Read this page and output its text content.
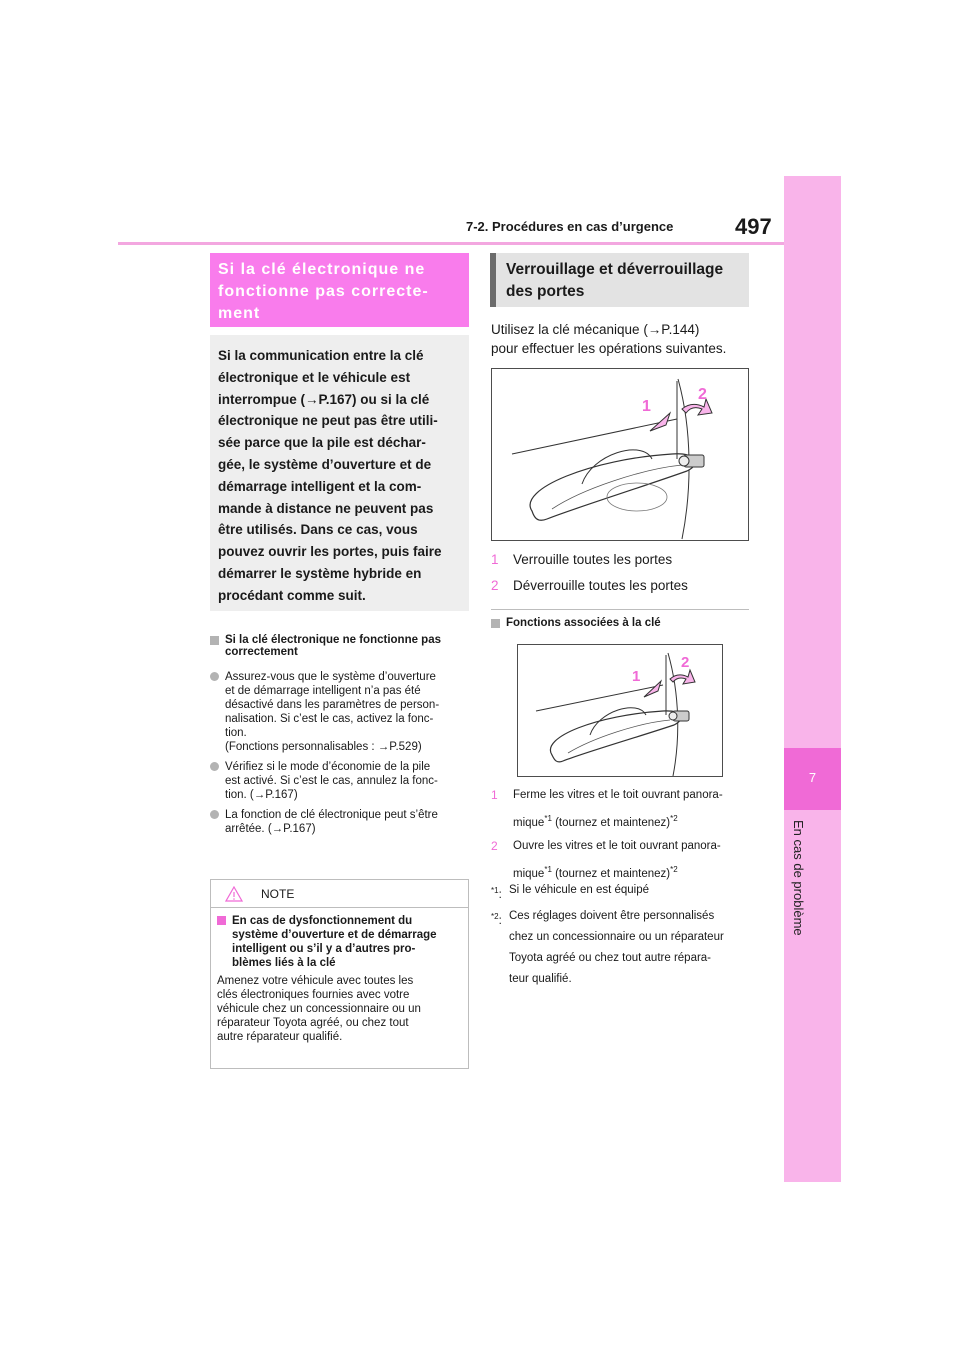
7-2. Procédures en cas d’urgence	497
7
En cas de problème
Si la clé électronique ne
fonctionne pas correcte-
ment
Si la communication entre la clé
électronique et le véhicule est
interrompue (→P.167) ou si la clé
électronique ne peut pas être utili-
sée parce que la pile est déchar-
gée, le système d’ouverture et de
démarrage intelligent et la com-
mande à distance ne peuvent pas
être utilisés. Dans ce cas, vous
pouvez ouvrir les portes, puis faire
démarrer le système hybride en
procédant comme suit.
Si la clé électronique ne fonctionne pas
correctement
Assurez-vous que le système d’ouverture
et de démarrage intelligent n’a pas été
désactivé dans les paramètres de person-
nalisation. Si c’est le cas, activez la fonc-
tion.
(Fonctions personnalisables : →P.529)
Vérifiez si le mode d’économie de la pile
est activé. Si c’est le cas, annulez la fonc-
tion. (→P.167)
La fonction de clé électronique peut s’être
arrêtée. (→P.167)
NOTE
En cas de dysfonctionnement du
système d’ouverture et de démarrage
intelligent ou s’il y a d’autres pro-
blèmes liés à la clé
Amenez votre véhicule avec toutes les
clés électroniques fournies avec votre
véhicule chez un concessionnaire ou un
réparateur Toyota agréé, ou chez tout
autre réparateur qualifié.
Verrouillage et déverrouillage
des portes
Utilisez la clé mécanique (→P.144)
pour effectuer les opérations suivantes.
1
2
1	Verrouille toutes les portes
2	Déverrouille toutes les portes
Fonctions associées à la clé
1
2
1	Ferme les vitres et le toit ouvrant panora-
mique$^{*1}$ (tournez et maintenez)$^{*2}$
2	Ouvre les vitres et le toit ouvrant panora-
mique$^{*1}$ (tournez et maintenez)$^{*2}$
$^{*1}$: Si le véhicule en est équipé
$^{*2}$: Ces réglages doivent être personnalisés
chez un concessionnaire ou un réparateur
Toyota agréé ou chez tout autre répara-
teur qualifié.
